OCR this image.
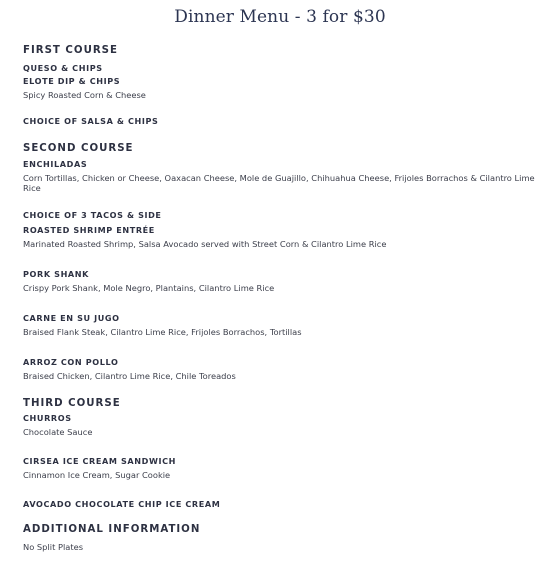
Dinner Menu - 3 for $30
FIRST COURSE
QUESO & CHIPS
ELOTE DIP & CHIPS
Spicy Roasted Corn & Cheese
CHOICE OF SALSA & CHIPS
SECOND COURSE
ENCHILADAS
Corn Tortillas, Chicken or Cheese, Oaxacan Cheese, Mole de Guajillo, Chihuahua Cheese, Frijoles Borrachos & Cilantro Lime Rice
CHOICE OF 3 TACOS & SIDE
ROASTED SHRIMP ENTRÉE
Marinated Roasted Shrimp, Salsa Avocado served with Street Corn & Cilantro Lime Rice
PORK SHANK
Crispy Pork Shank, Mole Negro, Plantains, Cilantro Lime Rice
CARNE EN SU JUGO
Braised Flank Steak, Cilantro Lime Rice, Frijoles Borrachos, Tortillas
ARROZ CON POLLO
Braised Chicken, Cilantro Lime Rice, Chile Toreados
THIRD COURSE
CHURROS
Chocolate Sauce
CIRSEA ICE CREAM SANDWICH
Cinnamon Ice Cream, Sugar Cookie
AVOCADO CHOCOLATE CHIP ICE CREAM
ADDITIONAL INFORMATION
No Split Plates
